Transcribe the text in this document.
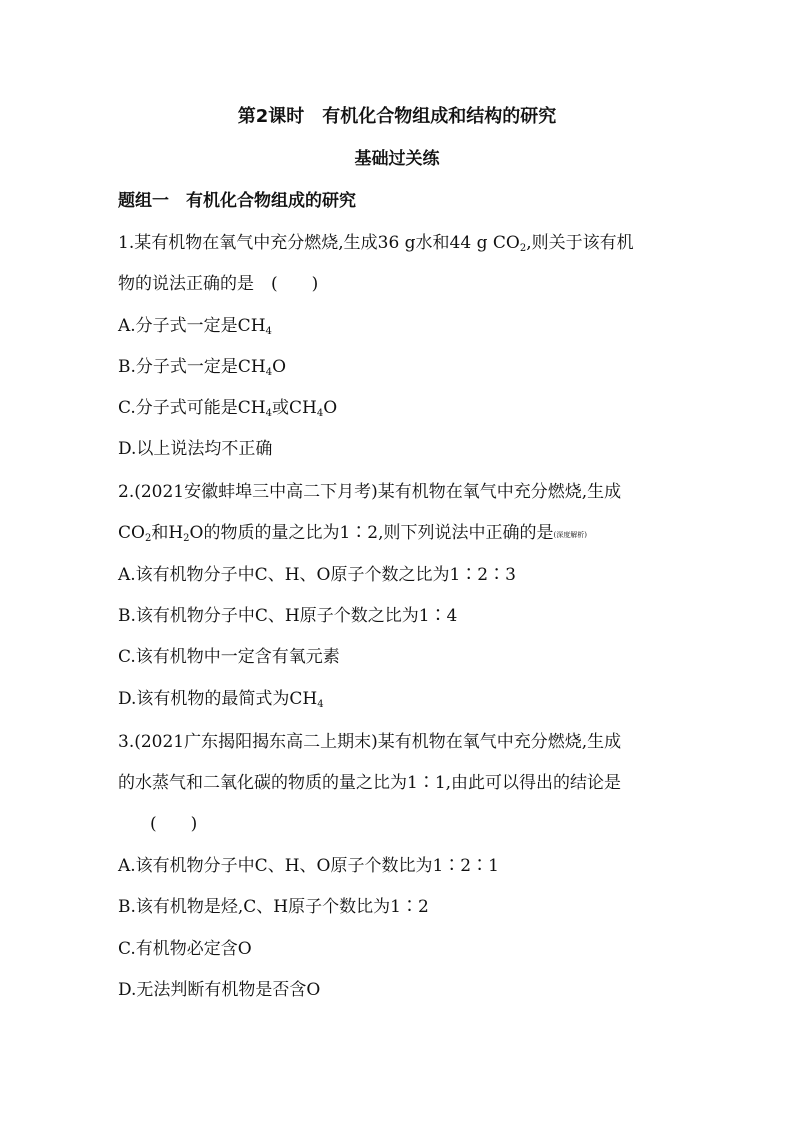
第2课时　有机化合物组成和结构的研究
基础过关练
题组一　有机化合物组成的研究
1.某有机物在氧气中充分燃烧,生成36 g水和44 g $CO_2$,则关于该有机
物的说法正确的是　(　　)
A.分子式一定是$CH_4$
B.分子式一定是$CH_4O$
C.分子式可能是$CH_4$或$CH_4O$
D.以上说法均不正确
2.(2021安徽蚌埠三中高二下月考)某有机物在氧气中充分燃烧,生成
$CO_2$和$H_2O$的物质的量之比为1∶2,则下列说法中正确的是(深度解析)
A.该有机物分子中C、H、O原子个数之比为1∶2∶3
B.该有机物分子中C、H原子个数之比为1∶4
C.该有机物中一定含有氧元素
D.该有机物的最简式为$CH_4$
3.(2021广东揭阳揭东高二上期末)某有机物在氧气中充分燃烧,生成
的水蒸气和二氧化碳的物质的量之比为1∶1,由此可以得出的结论是
(　　)
A.该有机物分子中C、H、O原子个数比为1∶2∶1
B.该有机物是烃,C、H原子个数比为1∶2
C.有机物必定含O
D.无法判断有机物是否含O
